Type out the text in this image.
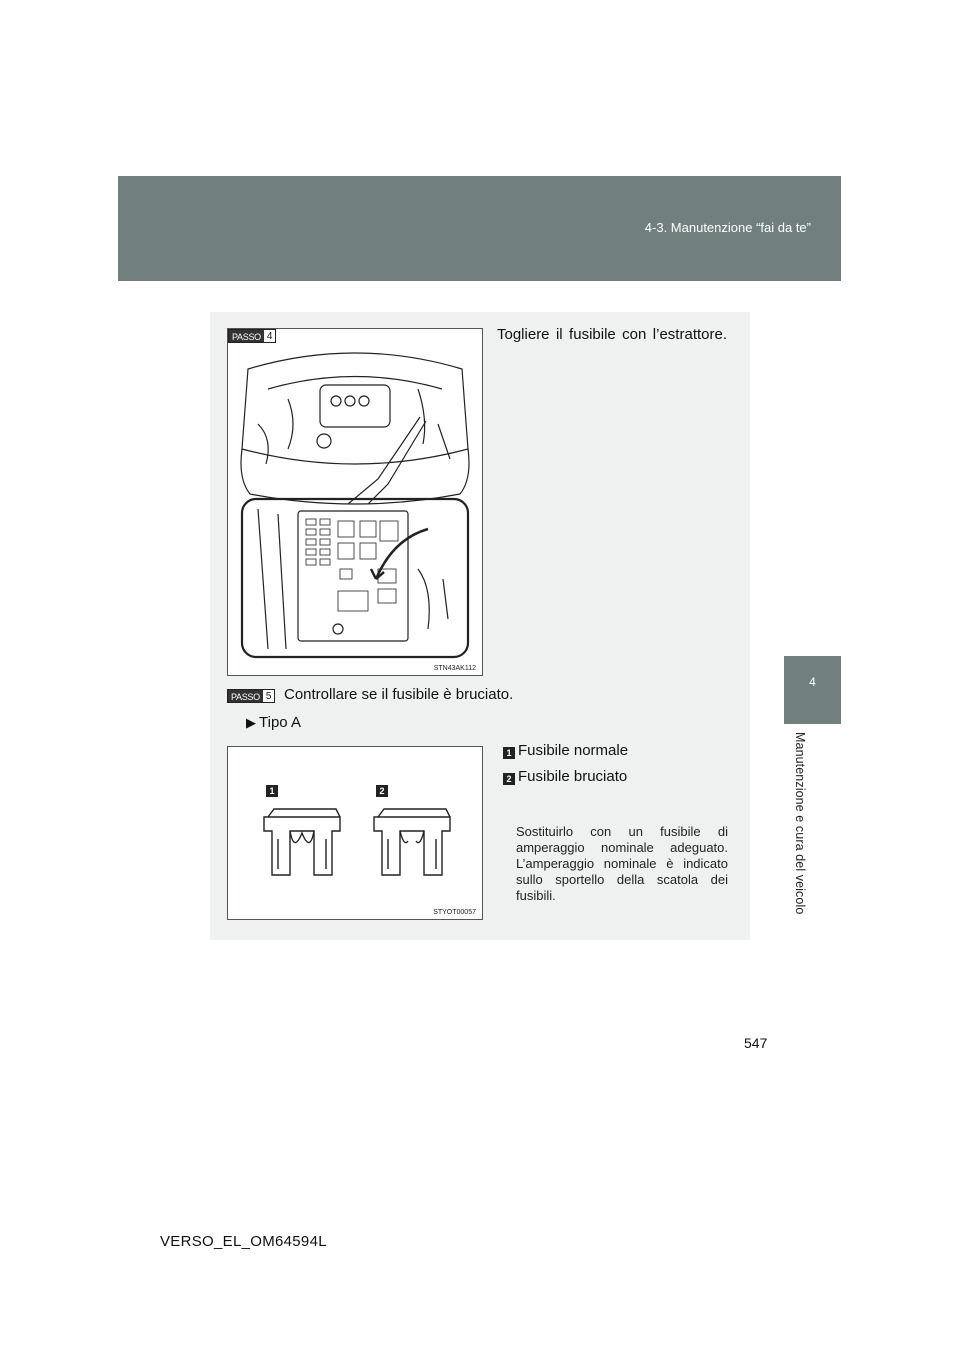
4-3. Manutenzione “fai da te”
4
Manutenzione e cura del veicolo
STN43AK112
PASSO 4	Togliere il fusibile con l’estrattore.
PASSO 5 Controllare se il fusibile è bruciato.
▶ Tipo A
1	2
STYOT00057
1 Fusibile normale
2 Fusibile bruciato
Sostituirlo con un fusibile di amperaggio nominale adeguato. L’amperaggio nominale è indicato sullo sportello della scatola dei fusibili.
547
VERSO_EL_OM64594L
